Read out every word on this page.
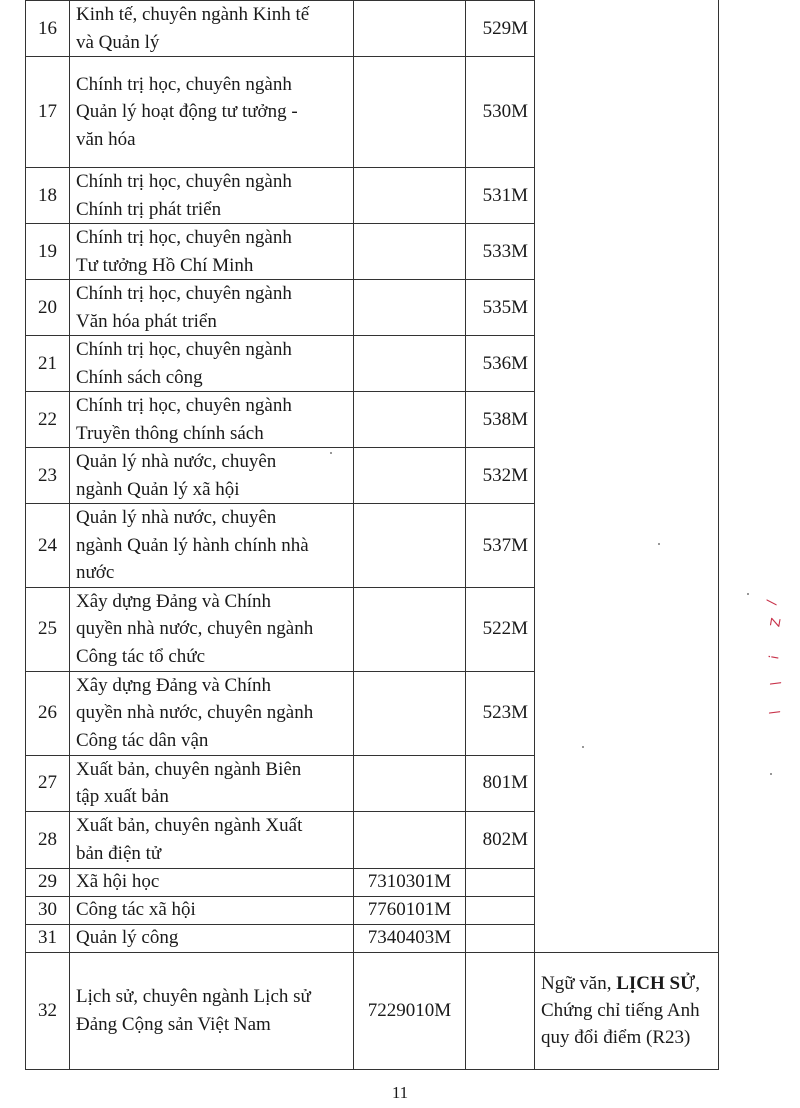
16	Kinh tế, chuyên ngành Kinh tế
và Quản lý		529M	
17	Chính trị học, chuyên ngành
Quản lý hoạt động tư tưởng -
văn hóa		530M	
18	Chính trị học, chuyên ngành
Chính trị phát triển		531M	
19	Chính trị học, chuyên ngành
Tư tưởng Hồ Chí Minh		533M	
20	Chính trị học, chuyên ngành
Văn hóa phát triển		535M	
21	Chính trị học, chuyên ngành
Chính sách công		536M	
22	Chính trị học, chuyên ngành
Truyền thông chính sách		538M	
23	Quản lý nhà nước, chuyên
ngành Quản lý xã hội		532M	
24	Quản lý nhà nước, chuyên
ngành Quản lý hành chính nhà
nước		537M	
25	Xây dựng Đảng và Chính
quyền nhà nước, chuyên ngành
Công tác tổ chức		522M	
26	Xây dựng Đảng và Chính
quyền nhà nước, chuyên ngành
Công tác dân vận		523M	
27	Xuất bản, chuyên ngành Biên
tập xuất bản		801M	
28	Xuất bản, chuyên ngành Xuất
bản điện tử		802M	
29	Xã hội học	7310301M		
30	Công tác xã hội	7760101M		
31	Quản lý công	7340403M		
32	Lịch sử, chuyên ngành Lịch sử
Đảng Cộng sản Việt Nam	7229010M		Ngữ văn, LỊCH SỬ, Chứng chỉ tiếng Anh quy đổi điểm (R23)
11
/
Z
i
\
\
